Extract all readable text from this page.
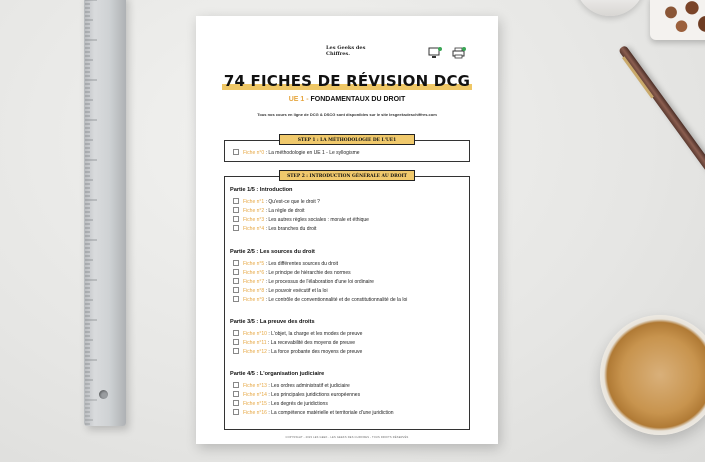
Les Geeks des Chiffres.
74 FICHES DE RÉVISION DCG
UE 1 - FONDAMENTAUX DU DROIT
Tous nos cours en ligne de DCG & DSCG sont disponibles sur le site lesgeeksdeschiffres.com
Fiche n°0 : La méthodologie en UE 1 - Le syllogisme
STEP 1 : LA MÉTHODOLOGIE DE L'UE1
Partie 1/5 : Introduction
Fiche n°1 : Qu'est-ce que le droit ?
Fiche n°2 : La règle de droit
Fiche n°3 : Les autres règles sociales : morale et éthique
Fiche n°4 : Les branches du droit
Partie 2/5 : Les sources du droit
Fiche n°5 : Les différentes sources du droit
Fiche n°6 : Le principe de hiérarchie des normes
Fiche n°7 : Le processus de l'élaboration d'une loi ordinaire
Fiche n°8 : Le pouvoir exécutif et la loi
Fiche n°9 : Le contrôle de conventionnalité et de constitutionnalité de la loi
Partie 3/5 : La preuve des droits
Fiche n°10 : L'objet, la charge et les modes de preuve
Fiche n°11 : La recevabilité des moyens de preuve
Fiche n°12 : La force probante des moyens de preuve
Partie 4/5 : L'organisation judiciaire
Fiche n°13 : Les ordres administratif et judiciaire
Fiche n°14 : Les principales juridictions européennes
Fiche n°15 : Les degrés de juridictions
Fiche n°16 : La compétence matérielle et territoriale d'une juridiction
STEP 2 : INTRODUCTION GÉNÉRALE AU DROIT
COPYRIGHT - 2023 LES GEEK - LES GEEKS DES CHIFFRES - TOUS DROITS RÉSERVÉS
